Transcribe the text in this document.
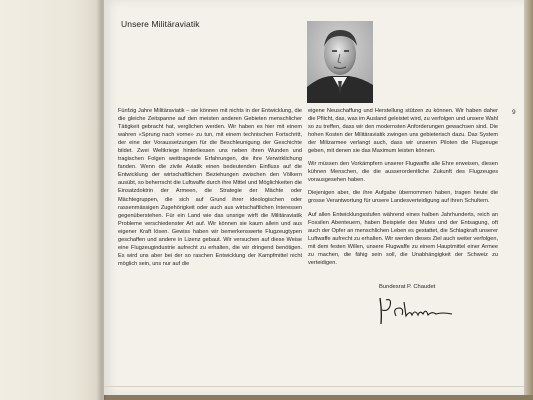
Unsere Militäraviatik
9

Fünfzig Jahre Militäraviatik – sie können mit nichts in der Entwicklung, die die gleiche Zeitspanne auf den meisten anderen Gebieten menschlicher Tätigkeit gebracht hat, verglichen werden. Wir haben es hier mit einem wahren «Sprung nach vorne» zu tun, mit einem technischen Fortschritt, der eine der Voraussetzungen für die Beschleunigung der Geschichte bildet. Zwei Weltkriege hinterliessen uns neben ihren Wunden und tragischen Folgen weittragende Erfahrungen, die ihre Verwirklichung fanden. Wenn die zivile Aviatik einen bedeutenden Einfluss auf die Entwicklung der wirtschaftlichen Beziehungen zwischen den Völkern ausübt, so beherrscht die Luftwaffe durch ihre Mittel und Möglichkeiten die Einsatzdoktrin der Armeen, die Strategie der Mächte oder Mächtegruppen, die sich auf Grund ihrer ideologischen oder rassenmässigen Zugehörigkeit oder auch aus wirtschaftlichen Interessen gegenüberstehen. Für ein Land wie das unsrige wirft die Militäraviatik Probleme verschiedenster Art auf. Wir können sie kaum allein und aus eigener Kraft lösen. Gewiss haben wir bemerkenswerte Flugzeugtypen geschaffen und andere in Lizenz gebaut. Wir versuchen auf diese Weise eine Flugzeugindustrie aufrecht zu erhalten, die wir dringend benötigen. Es wird uns aber bei der so raschen Entwicklung der Kampfmittel nicht möglich sein, uns nur auf die

eigene Neuschaffung und Herstellung stützen zu können. Wir haben daher die Pflicht, das, was im Ausland geleistet wird, zu verfolgen und unsere Wahl so zu treffen, dass wir den modernsten Anforderungen gewachsen sind. Die hohen Kosten der Militäraviatik zwingen uns gebieterisch dazu. Das System der Milizarmee verlangt auch, dass wir unseren Piloten die Flugzeuge geben, mit denen sie das Maximum leisten können.

Wir müssen den Vorkämpfern unserer Flugwaffe alle Ehre erweisen, diesen kühnen Menschen, die die ausserordentliche Zukunft des Flugzeuges vorausgesehen haben.

Diejenigen aber, die ihre Aufgabe übernommen haben, tragen heute die grosse Verantwortung für unsere Landesverteidigung auf ihren Schultern.

Auf allen Entwicklungsstufen während eines halben Jahrhunderts, reich an Fossilen Abenteuern, haben Beispiele des Mutes und der Entsagung, oft auch der Opfer an menschlichen Leben es gestattet, die Schlagkraft unserer Luftwaffe aufrecht zu erhalten. Wir werden dieses Ziel auch weiter verfolgen, mit dem festen Willen, unsere Flugwaffe zu einem Hauptmittel einer Armee zu machen, die fähig sein soll, die Unabhängigkeit der Schweiz zu verteidigen.

Bundesrat P. Chaudet
